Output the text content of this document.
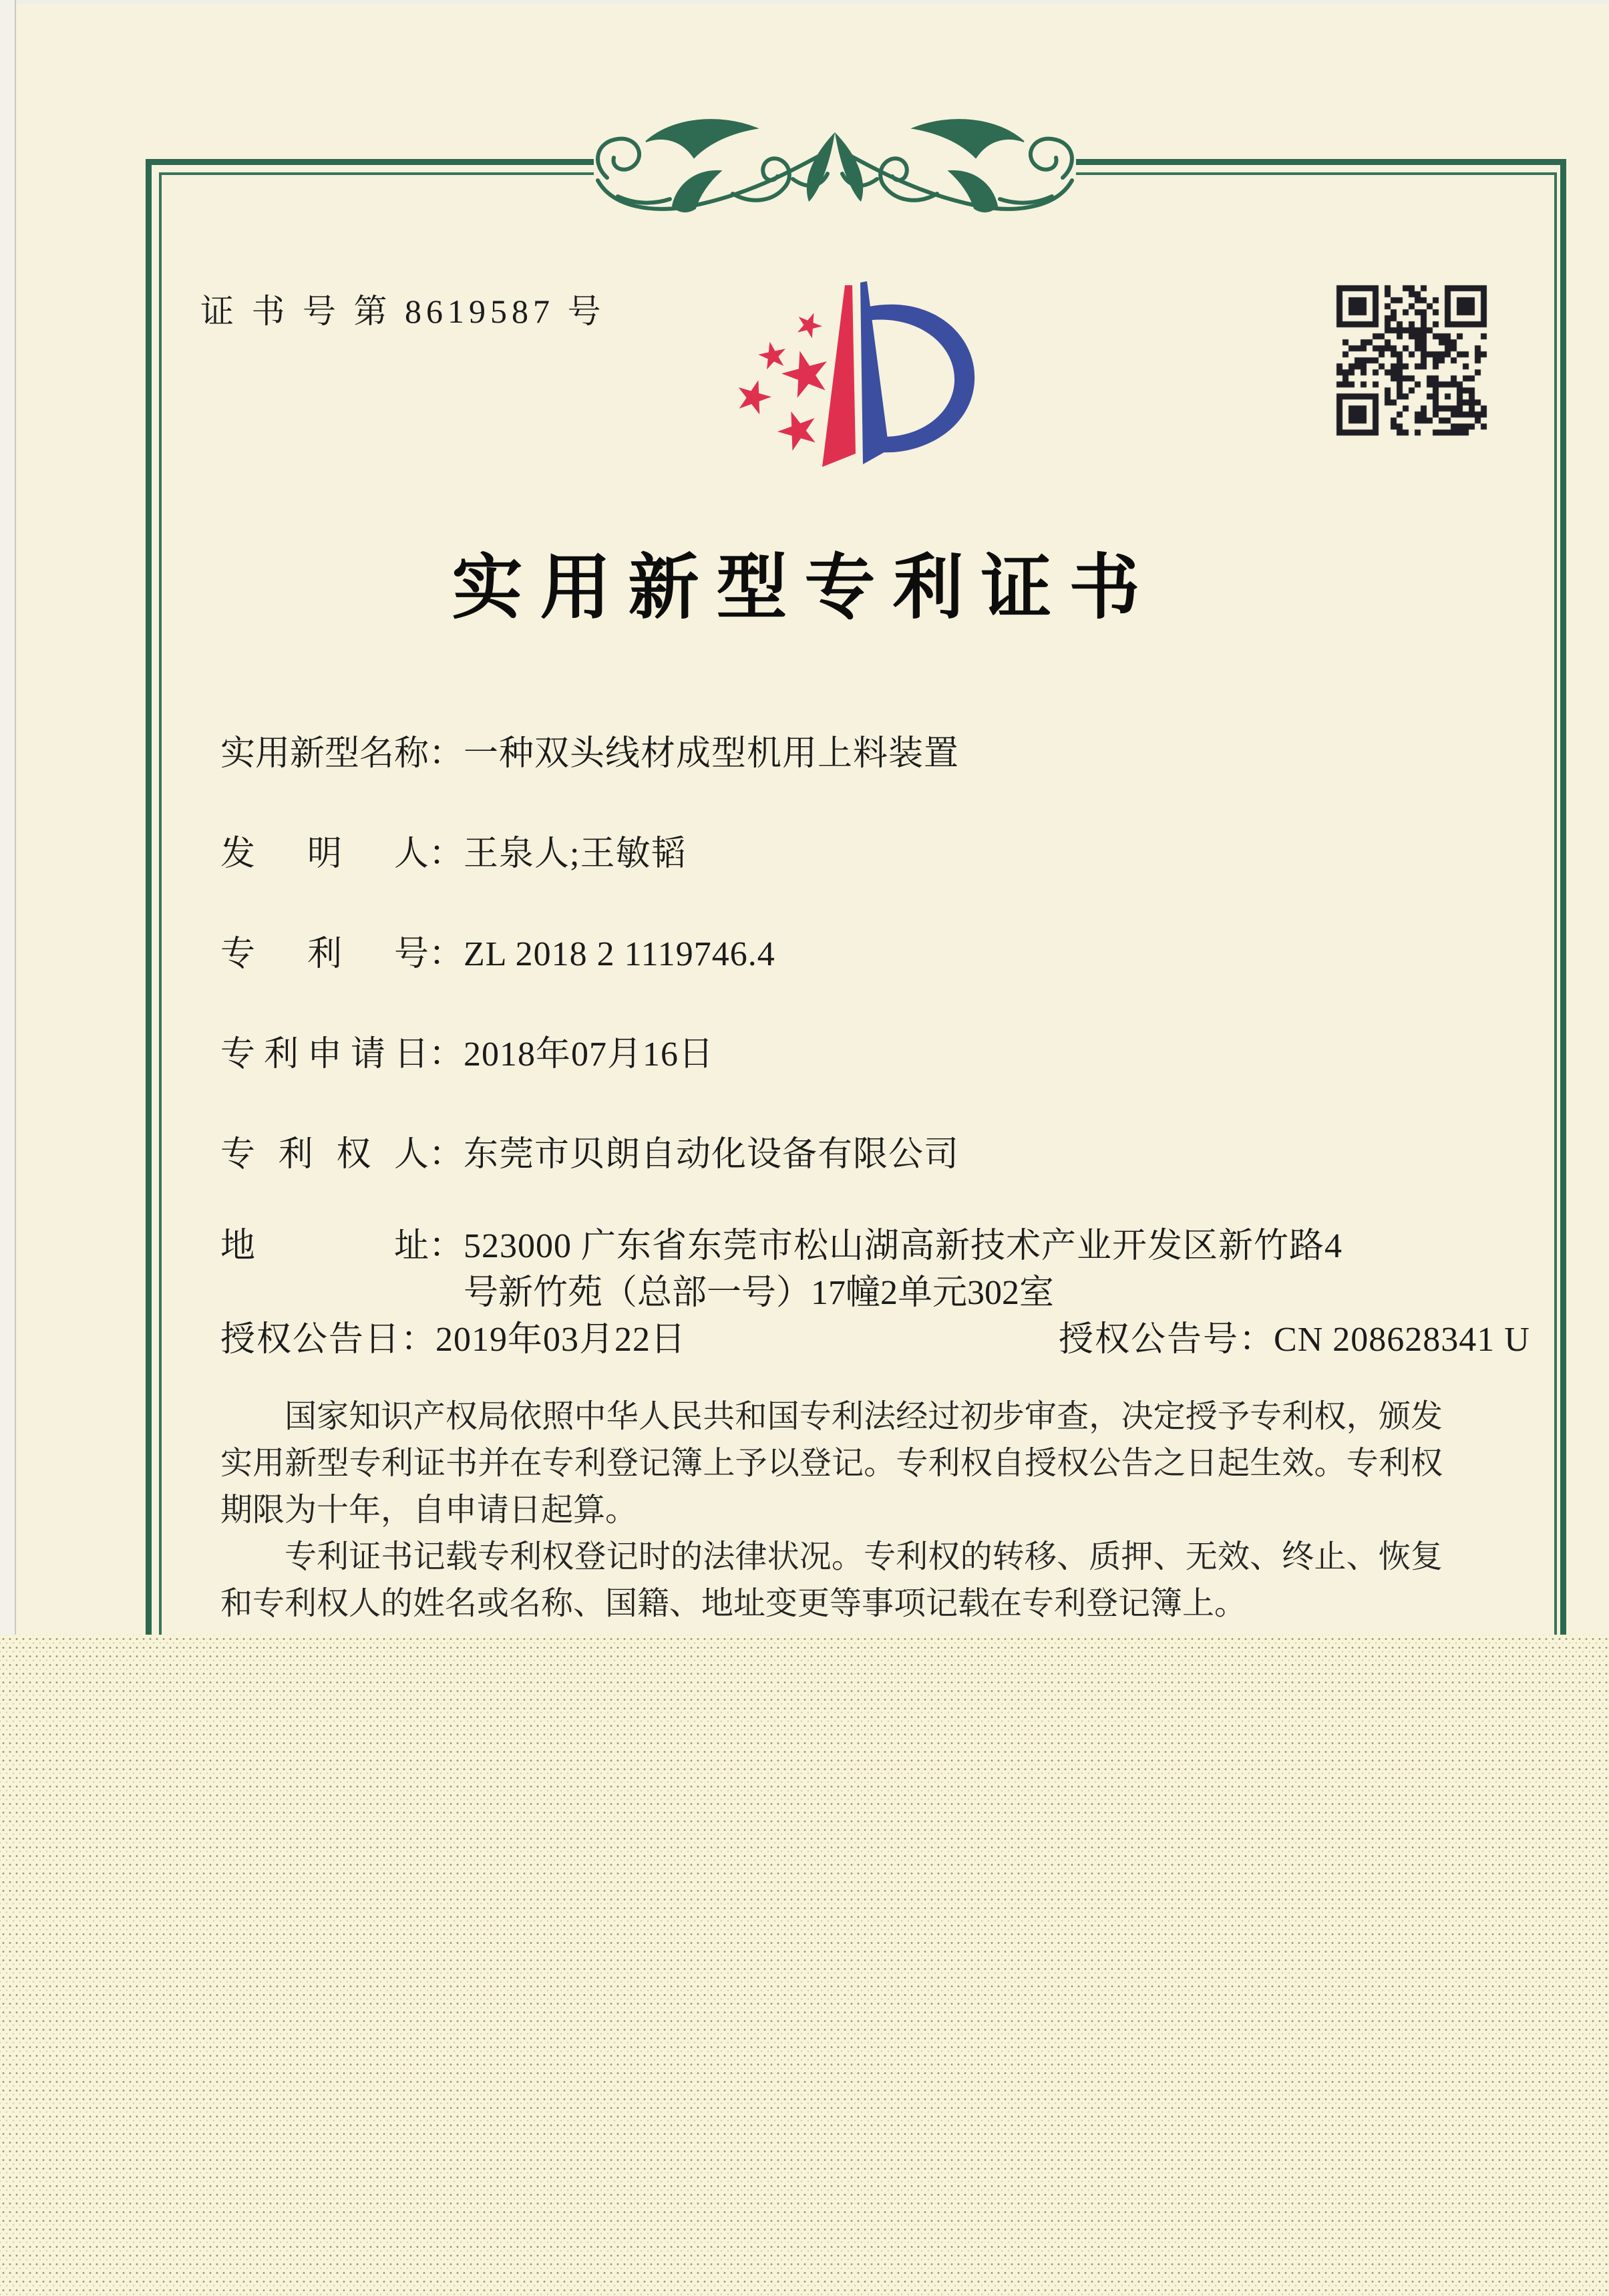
证 书 号 第 8619587 号
实用新型专利证书
实用新型名称：一种双头线材成型机用上料装置
发明人：王泉人;王敏韬
专利号：ZL 2018 2 1119746.4
专利申请日：2018年07月16日
专利权人：东莞市贝朗自动化设备有限公司
地址：523000 广东省东莞市松山湖高新技术产业开发区新竹路4
号新竹苑（总部一号）17幢2单元302室
授权公告日：2019年03月22日	授权公告号：CN 208628341 U

国家知识产权局依照中华人民共和国专利法经过初步审查，决定授予专利权，颁发实用新型专利证书并在专利登记簿上予以登记。专利权自授权公告之日起生效。专利权期限为十年，自申请日起算。

专利证书记载专利权登记时的法律状况。专利权的转移、质押、无效、终止、恢复和专利权人的姓名或名称、国籍、地址变更等事项记载在专利登记簿上。
